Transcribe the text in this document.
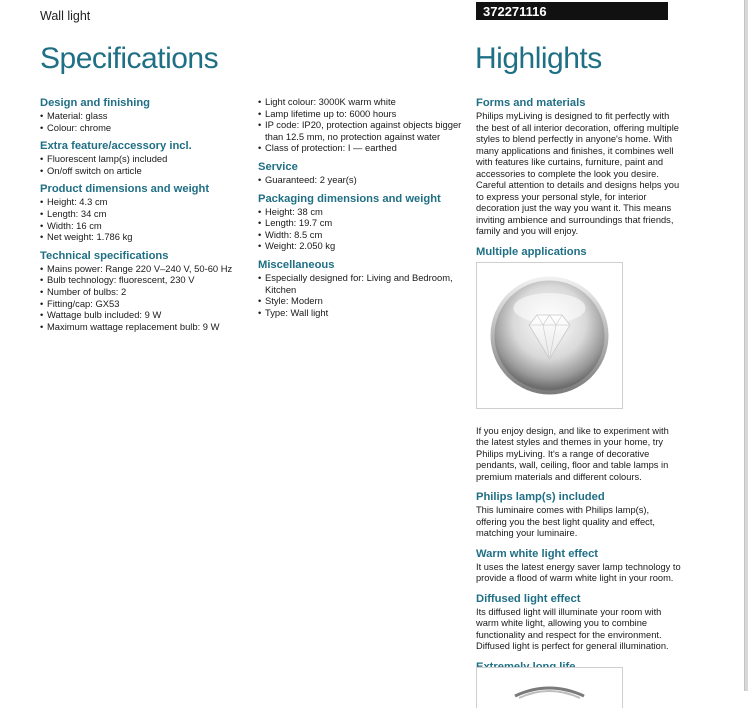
Wall light	372271116
Specifications	Highlights
Design and finishing
• Material: glass
• Colour: chrome
Extra feature/accessory incl.
• Fluorescent lamp(s) included
• On/off switch on article
Product dimensions and weight
• Height: 4.3 cm
• Length: 34 cm
• Width: 16 cm
• Net weight: 1.786 kg
Technical specifications
• Mains power: Range 220 V–240 V, 50-60 Hz
• Bulb technology: fluorescent, 230 V
• Number of bulbs: 2
• Fitting/cap: GX53
• Wattage bulb included: 9 W
• Maximum wattage replacement bulb: 9 W
• Light colour: 3000K warm white
• Lamp lifetime up to: 6000 hours
• IP code: IP20, protection against objects bigger than 12.5 mm, no protection against water
• Class of protection: I — earthed
Service
• Guaranteed: 2 year(s)
Packaging dimensions and weight
• Height: 38 cm
• Length: 19.7 cm
• Width: 8.5 cm
• Weight: 2.050 kg
Miscellaneous
• Especially designed for: Living and Bedroom, Kitchen
• Style: Modern
• Type: Wall light
Forms and materials

Philips myLiving is designed to fit perfectly with the best of all interior decoration, offering multiple styles to blend perfectly in anyone's home. With many applications and finishes, it combines well with features like curtains, furniture, paint and accessories to complete the look you desire. Careful attention to details and designs helps you to express your personal style, for interior decoration just the way you want it. This means inviting ambience and surroundings that friends, family and you will enjoy.

Multiple applications

If you enjoy design, and like to experiment with the latest styles and themes in your home, try Philips myLiving. It's a range of decorative pendants, wall, ceiling, floor and table lamps in premium materials and different colours.

Philips lamp(s) included

This luminaire comes with Philips lamp(s), offering you the best light quality and effect, matching your luminaire.

Warm white light effect

It uses the latest energy saver lamp technology to provide a flood of warm white light in your room.

Diffused light effect

Its diffused light will illuminate your room with warm white light, allowing you to combine functionality and respect for the environment. Diffused light is perfect for general illumination.
